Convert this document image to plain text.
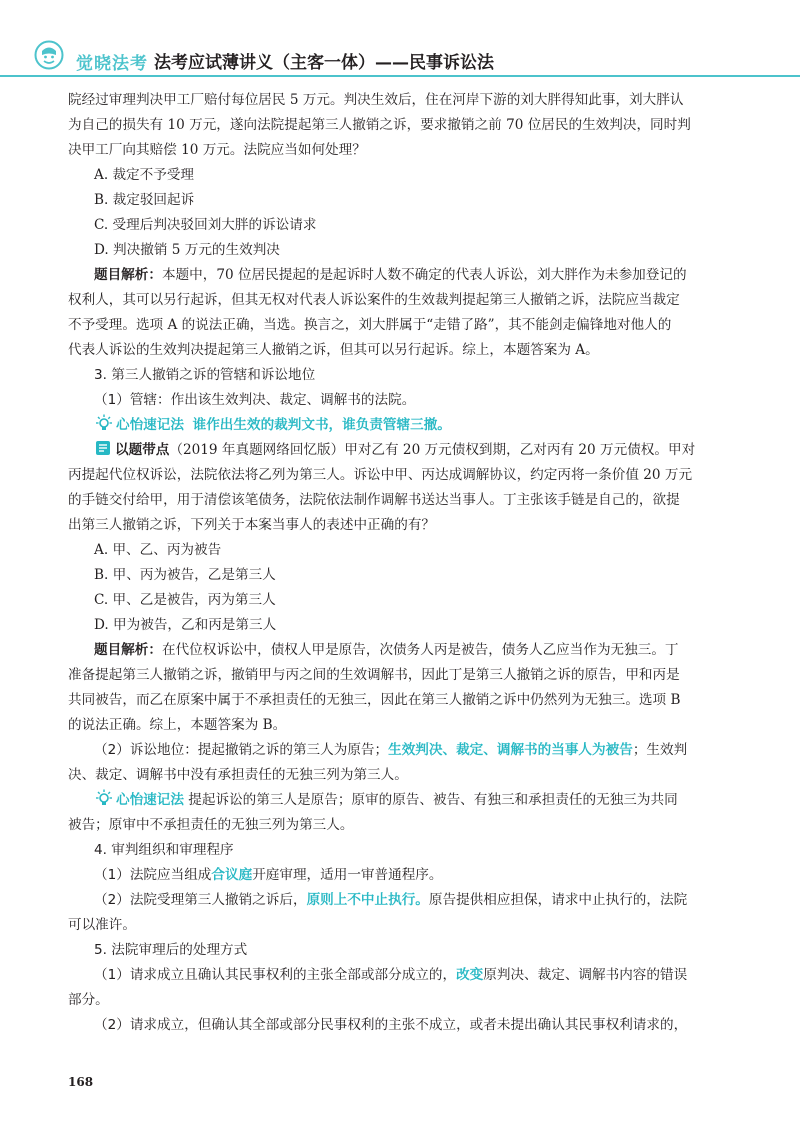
觉晓法考 法考应试薄讲义（主客一体）——民事诉讼法
院经过审理判决甲工厂赔付每位居民 5 万元。判决生效后，住在河岸下游的刘大胖得知此事，刘大胖认
为自己的损失有 10 万元，遂向法院提起第三人撤销之诉，要求撤销之前 70 位居民的生效判决，同时判
决甲工厂向其赔偿 10 万元。法院应当如何处理？
A. 裁定不予受理
B. 裁定驳回起诉
C. 受理后判决驳回刘大胖的诉讼请求
D. 判决撤销 5 万元的生效判决
题目解析：本题中，70 位居民提起的是起诉时人数不确定的代表人诉讼，刘大胖作为未参加登记的
权利人，其可以另行起诉，但其无权对代表人诉讼案件的生效裁判提起第三人撤销之诉，法院应当裁定
不予受理。选项 A 的说法正确，当选。换言之，刘大胖属于“走错了路”，其不能剑走偏锋地对他人的
代表人诉讼的生效判决提起第三人撤销之诉，但其可以另行起诉。综上，本题答案为 A。
3. 第三人撤销之诉的管辖和诉讼地位
（1）管辖：作出该生效判决、裁定、调解书的法院。
心怡速记法 谁作出生效的裁判文书，谁负责管辖三撤。
以题带点（2019 年真题网络回忆版）甲对乙有 20 万元债权到期，乙对丙有 20 万元债权。甲对
丙提起代位权诉讼，法院依法将乙列为第三人。诉讼中甲、丙达成调解协议，约定丙将一条价值 20 万元
的手链交付给甲，用于清偿该笔债务，法院依法制作调解书送达当事人。丁主张该手链是自己的，欲提
出第三人撤销之诉，下列关于本案当事人的表述中正确的有？
A. 甲、乙、丙为被告
B. 甲、丙为被告，乙是第三人
C. 甲、乙是被告，丙为第三人
D. 甲为被告，乙和丙是第三人
题目解析：在代位权诉讼中，债权人甲是原告，次债务人丙是被告，债务人乙应当作为无独三。丁
准备提起第三人撤销之诉，撤销甲与丙之间的生效调解书，因此丁是第三人撤销之诉的原告，甲和丙是
共同被告，而乙在原案中属于不承担责任的无独三，因此在第三人撤销之诉中仍然列为无独三。选项 B
的说法正确。综上，本题答案为 B。
（2）诉讼地位：提起撤销之诉的第三人为原告；生效判决、裁定、调解书的当事人为被告；生效判
决、裁定、调解书中没有承担责任的无独三列为第三人。
心怡速记法 提起诉讼的第三人是原告；原审的原告、被告、有独三和承担责任的无独三为共同
被告；原审中不承担责任的无独三列为第三人。
4. 审判组织和审理程序
（1）法院应当组成合议庭开庭审理，适用一审普通程序。
（2）法院受理第三人撤销之诉后，原则上不中止执行。原告提供相应担保，请求中止执行的，法院
可以准许。
5. 法院审理后的处理方式
（1）请求成立且确认其民事权利的主张全部或部分成立的，改变原判决、裁定、调解书内容的错误
部分。
（2）请求成立，但确认其全部或部分民事权利的主张不成立，或者未提出确认其民事权利请求的，
168
